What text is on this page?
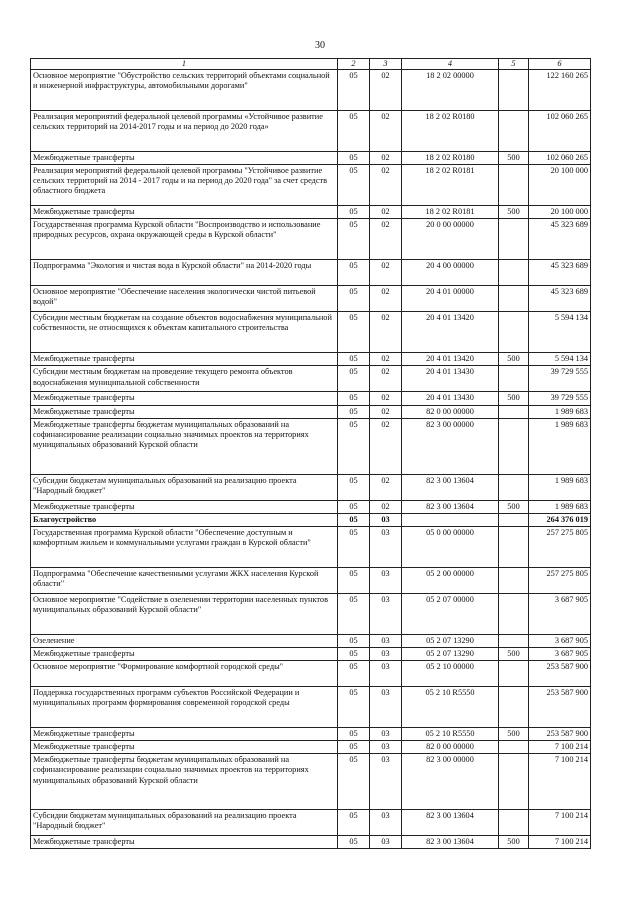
30
1	2	3	4	5	6
Основное мероприятие "Обустройство сельских территорий объектами социальной и инженерной инфраструктуры, автомобильными дорогами"	05	02	18 2 02 00000		122 160 265
Реализация мероприятий федеральной целевой программы «Устойчивое развитие сельских территорий на 2014-2017 годы и на период до 2020 года»	05	02	18 2 02 R0180		102 060 265
Межбюджетные трансферты	05	02	18 2 02 R0180	500	102 060 265
Реализация мероприятий федеральной целевой программы "Устойчивое развитие сельских территорий на 2014 - 2017 годы и на период до 2020 года" за счет средств областного бюджета	05	02	18 2 02 R0181		20 100 000
Межбюджетные трансферты	05	02	18 2 02 R0181	500	20 100 000
Государственная программа Курской области "Воспроизводство и использование природных ресурсов, охрана окружающей среды в Курской области"	05	02	20 0 00 00000		45 323 689
Подпрограмма "Экология и чистая вода в Курской области" на 2014-2020 годы	05	02	20 4 00 00000		45 323 689
Основное мероприятие "Обеспечение населения экологически чистой питьевой водой"	05	02	20 4 01 00000		45 323 689
Субсидии местным бюджетам на создание объектов водоснабжения муниципальной собственности, не относящихся к объектам капитального строительства	05	02	20 4 01 13420		5 594 134
Межбюджетные трансферты	05	02	20 4 01 13420	500	5 594 134
Субсидии местным бюджетам на проведение текущего ремонта объектов водоснабжения муниципальной собственности	05	02	20 4 01 13430		39 729 555
Межбюджетные трансферты	05	02	20 4 01 13430	500	39 729 555
Межбюджетные трансферты	05	02	82 0 00 00000		1 989 683
Межбюджетные трансферты бюджетам муниципальных образований на софинансирование реализации социально значимых проектов на территориях муниципальных образований Курской области	05	02	82 3 00 00000		1 989 683
Субсидии бюджетам муниципальных образований на реализацию проекта "Народный бюджет"	05	02	82 3 00 13604		1 989 683
Межбюджетные трансферты	05	02	82 3 00 13604	500	1 989 683
Благоустройство	05	03			264 376 019
Государственная программа Курской области "Обеспечение доступным и комфортным жильем и коммунальными услугами граждан в Курской области"	05	03	05 0 00 00000		257 275 805
Подпрограмма "Обеспечение качественными услугами ЖКХ населения Курской области"	05	03	05 2 00 00000		257 275 805
Основное мероприятие "Содействие в озеленении территории населенных пунктов муниципальных образований Курской области"	05	03	05 2 07 00000		3 687 905
Озеленение	05	03	05 2 07 13290		3 687 905
Межбюджетные трансферты	05	03	05 2 07 13290	500	3 687 905
Основное мероприятие "Формирование комфортной городской среды"	05	03	05 2 10 00000		253 587 900
Поддержка государственных программ субъектов Российской Федерации и муниципальных программ формирования современной городской среды	05	03	05 2 10 R5550		253 587 900
Межбюджетные трансферты	05	03	05 2 10 R5550	500	253 587 900
Межбюджетные трансферты	05	03	82 0 00 00000		7 100 214
Межбюджетные трансферты бюджетам муниципальных образований на софинансирование реализации социально значимых проектов на территориях муниципальных образований Курской области	05	03	82 3 00 00000		7 100 214
Субсидии бюджетам муниципальных образований на реализацию проекта "Народный бюджет"	05	03	82 3 00 13604		7 100 214
Межбюджетные трансферты	05	03	82 3 00 13604	500	7 100 214
